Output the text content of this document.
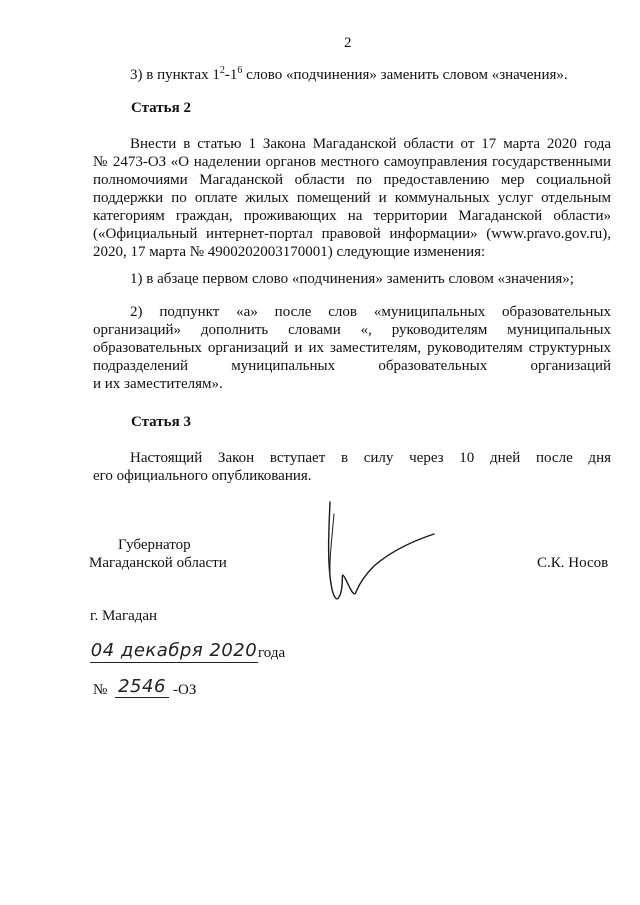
2
3) в пунктах $1^2-1^6$ слово «подчинения» заменить словом «значения».
Статья 2
Внести в статью 1 Закона Магаданской области от 17 марта 2020 года
№ 2473-ОЗ «О наделении органов местного самоуправления государственными
полномочиями Магаданской области по предоставлению мер социальной
поддержки по оплате жилых помещений и коммунальных услуг отдельным
категориям граждан, проживающих на территории Магаданской области»
(«Официальный интернет-портал правовой информации» (www.pravo.gov.ru),
2020, 17 марта № 4900202003170001) следующие изменения:
1) в абзаце первом слово «подчинения» заменить словом «значения»;
2) подпункт «а» после слов «муниципальных образовательных
организаций» дополнить словами «, руководителям муниципальных
образовательных организаций и их заместителям, руководителям структурных
подразделений муниципальных образовательных организаций
и их заместителям».
Статья 3
Настоящий Закон вступает в силу через 10 дней после дня
его официального опубликования.
Губернатор
Магаданской области	С.К. Носов
г. Магадан
04 декабря 2020 года
№ 2546 -ОЗ
